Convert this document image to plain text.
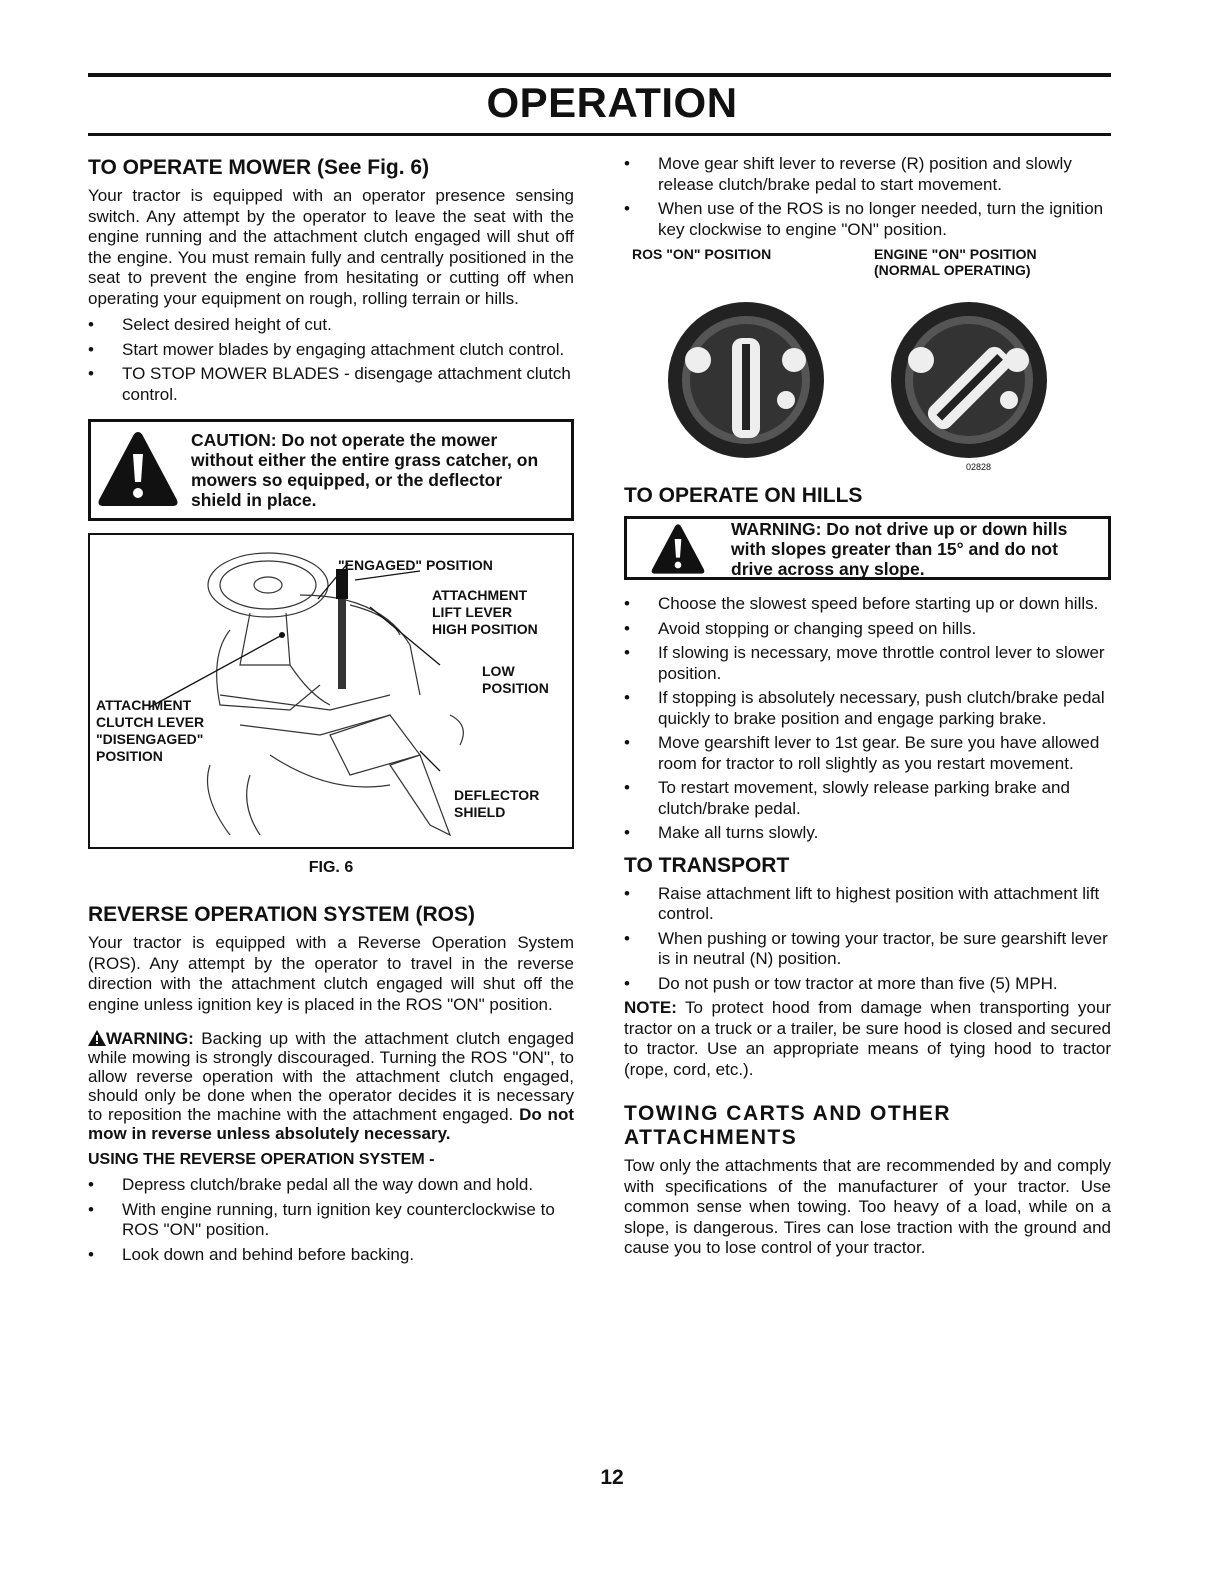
OPERATION
TO OPERATE MOWER (See Fig. 6)

Your tractor is equipped with an operator presence sensing switch. Any attempt by the operator to leave the seat with the engine running and the attachment clutch engaged will shut off the engine. You must remain fully and centrally positioned in the seat to prevent the engine from hesitating or cutting off when operating your equipment on rough, rolling terrain or hills.

• Select desired height of cut.
• Start mower blades by engaging attachment clutch control.
• TO STOP MOWER BLADES - disengage attachment clutch control.
CAUTION: Do not operate the mower without either the entire grass catcher, on mowers so equipped, or the deflector shield in place.
"ENGAGED" POSITION
ATTACHMENT
LIFT LEVER
HIGH POSITION
LOW
POSITION
ATTACHMENT
CLUTCH LEVER
"DISENGAGED"
POSITION
DEFLECTOR
SHIELD
FIG. 6
REVERSE OPERATION SYSTEM (ROS)

Your tractor is equipped with a Reverse Operation System (ROS). Any attempt by the operator to travel in the reverse direction with the attachment clutch engaged will shut off the engine unless ignition key is placed in the ROS "ON" position.

WARNING: Backing up with the attachment clutch engaged while mowing is strongly discouraged. Turning the ROS "ON", to allow reverse operation with the attachment clutch engaged, should only be done when the operator decides it is necessary to reposition the machine with the attachment engaged. Do not mow in reverse unless absolutely necessary.

USING THE REVERSE OPERATION SYSTEM -
• Depress clutch/brake pedal all the way down and hold.
• With engine running, turn ignition key counterclockwise to ROS "ON" position.
• Look down and behind before backing.
• Move gear shift lever to reverse (R) position and slowly release clutch/brake pedal to start movement.
• When use of the ROS is no longer needed, turn the ignition key clockwise to engine "ON" position.
ROS "ON" POSITION	ENGINE "ON" POSITION
(NORMAL OPERATING)
02828
TO OPERATE ON HILLS
WARNING: Do not drive up or down hills with slopes greater than 15° and do not drive across any slope.
• Choose the slowest speed before starting up or down hills.
• Avoid stopping or changing speed on hills.
• If slowing is necessary, move throttle control lever to slower position.
• If stopping is absolutely necessary, push clutch/brake pedal quickly to brake position and engage parking brake.
• Move gearshift lever to 1st gear. Be sure you have allowed room for tractor to roll slightly as you restart movement.
• To restart movement, slowly release parking brake and clutch/brake pedal.
• Make all turns slowly.
TO TRANSPORT
• Raise attachment lift to highest position with attachment lift control.
• When pushing or towing your tractor, be sure gearshift lever is in neutral (N) position.
• Do not push or tow tractor at more than five (5) MPH.

NOTE: To protect hood from damage when transporting your tractor on a truck or a trailer, be sure hood is closed and secured to tractor. Use an appropriate means of tying hood to tractor (rope, cord, etc.).

TOWING CARTS AND OTHER ATTACHMENTS

Tow only the attachments that are recommended by and comply with specifications of the manufacturer of your tractor. Use common sense when towing. Too heavy of a load, while on a slope, is dangerous. Tires can lose traction with the ground and cause you to lose control of your tractor.

12
